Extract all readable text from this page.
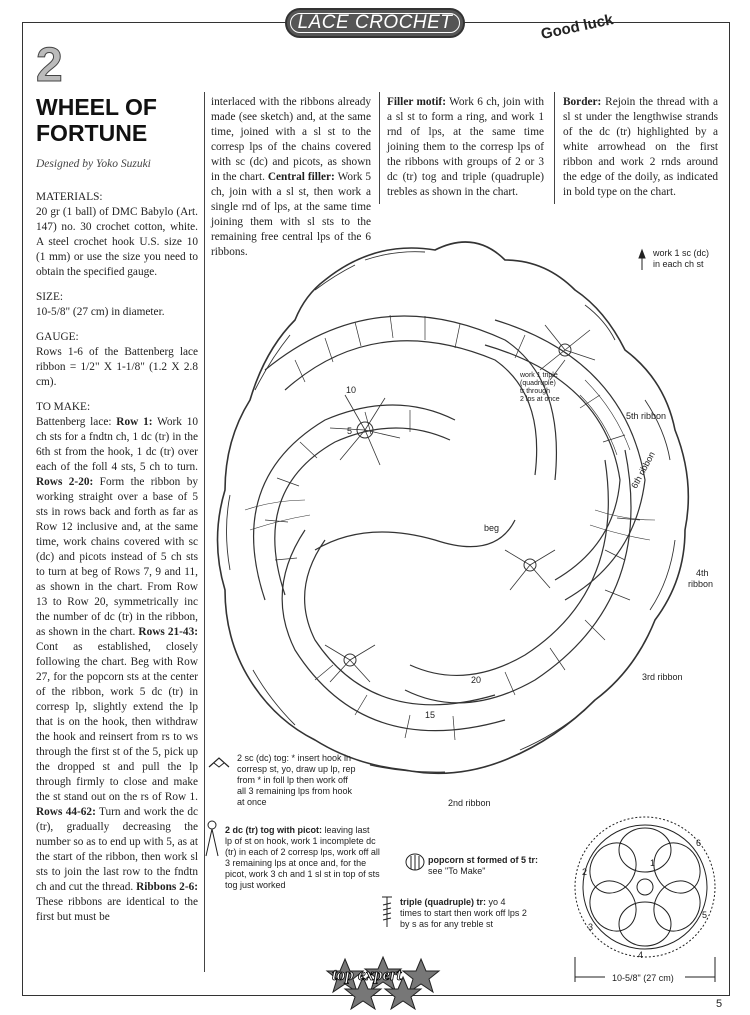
LACE CROCHET	Good luck
2
WHEEL OF FORTUNE
Designed by Yoko Suzuki

MATERIALS:

20 gr (1 ball) of DMC Babylo (Art. 147) no. 30 crochet cotton, white. A steel crochet hook U.S. size 10 (1 mm) or use the size you need to obtain the specified gauge.

SIZE:

10-5/8" (27 cm) in diameter.

GAUGE:

Rows 1-6 of the Battenberg lace ribbon = 1/2" X 1-1/8" (1.2 X 2.8 cm).

TO MAKE:

Battenberg lace: Row 1: Work 10 ch sts for a fndtn ch, 1 dc (tr) in the 6th st from the hook, 1 dc (tr) over each of the foll 4 sts, 5 ch to turn. Rows 2-20: Form the ribbon by working straight over a base of 5 sts in rows back and forth as far as Row 12 inclusive and, at the same time, work chains covered with sc (dc) and picots instead of 5 ch sts to turn at beg of Rows 7, 9 and 11, as shown in the chart. From Row 13 to Row 20, symmetrically inc the number of dc (tr) in the ribbon, as shown in the chart. Rows 21-43: Cont as established, closely following the chart. Beg with Row 27, for the popcorn sts at the center of the ribbon, work 5 dc (tr) in corresp lp, slightly extend the lp that is on the hook, then withdraw the hook and reinsert from rs to ws through the first st of the 5, pick up the dropped st and pull the lp through firmly to close and make the st stand out on the rs of Row 1. Rows 44-62: Turn and work the dc (tr), gradually decreasing the number so as to end up with 5, as at the start of the ribbon, then work sl sts to join the last row to the fndtn ch and cut the thread. Ribbons 2-6: These ribbons are identical to the first but must be

interlaced with the ribbons already made (see sketch) and, at the same time, joined with a sl st to the corresp lps of the chains covered with sc (dc) and picots, as shown in the chart. Central filler: Work 5 ch, join with a sl st, then work a single rnd of lps, at the same time joining them with sl sts to the remaining free central lps of the 6 ribbons.
Filler motif: Work 6 ch, join with a sl st to form a ring, and work 1 rnd of lps, at the same time joining them to the corresp lps of the ribbons with groups of 2 or 3 dc (tr) tog and triple (quadruple) trebles as shown in the chart.
Border: Rejoin the thread with a sl st under the lengthwise strands of the dc (tr) highlighted by a white arrowhead on the first ribbon and work 2 rnds around the edge of the doily, as indicated in bold type on the chart.
work 1 sc (dc)
in each ch st
work 1 triple
(quadruple)
tr through
2 lps at once
5th ribbon
6th ribbon
4th
ribbon
3rd ribbon
2nd ribbon
beg
5
10
15
20
2 sc (dc) tog: * insert hook in
corresp st, yo, draw up lp, rep
from * in foll lp then work off
all 3 remaining lps from hook
at once
2 dc (tr) tog with picot: leaving last
lp of st on hook, work 1 incomplete dc
(tr) in each of 2 corresp lps, work off all
3 remaining lps at once and, for the
picot, work 3 ch and 1 sl st in top of sts
tog just worked
popcorn st formed of 5 tr:
see "To Make"
triple (quadruple) tr: yo 4
times to start then work off lps 2
by s as for any treble st
6
2
5
3
4
1
10-5/8" (27 cm)
top expert
5
